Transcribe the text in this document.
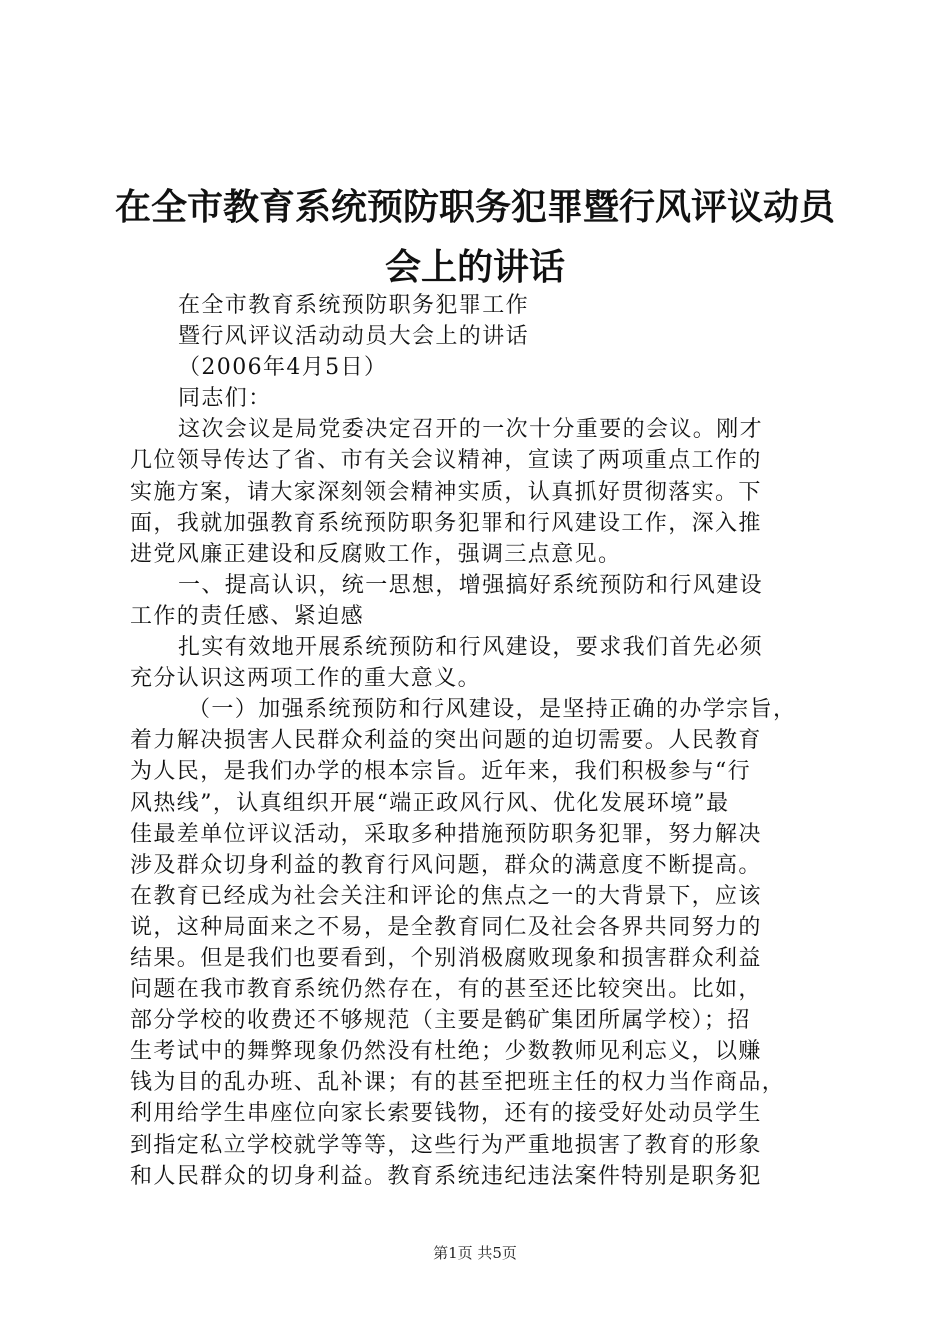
在全市教育系统预防职务犯罪暨行风评议动员
会上的讲话
在全市教育系统预防职务犯罪工作
暨行风评议活动动员大会上的讲话
（2006年4月5日）
同志们：
这次会议是局党委决定召开的一次十分重要的会议。刚才
几位领导传达了省、市有关会议精神，宣读了两项重点工作的
实施方案，请大家深刻领会精神实质，认真抓好贯彻落实。下
面，我就加强教育系统预防职务犯罪和行风建设工作，深入推
进党风廉正建设和反腐败工作，强调三点意见。
一、提高认识，统一思想，增强搞好系统预防和行风建设
工作的责任感、紧迫感
扎实有效地开展系统预防和行风建设，要求我们首先必须
充分认识这两项工作的重大意义。
（一）加强系统预防和行风建设，是坚持正确的办学宗旨，
着力解决损害人民群众利益的突出问题的迫切需要。人民教育
为人民，是我们办学的根本宗旨。近年来，我们积极参与“行
风热线”，认真组织开展“端正政风行风、优化发展环境”最
佳最差单位评议活动，采取多种措施预防职务犯罪，努力解决
涉及群众切身利益的教育行风问题，群众的满意度不断提高。
在教育已经成为社会关注和评论的焦点之一的大背景下，应该
说，这种局面来之不易，是全教育同仁及社会各界共同努力的
结果。但是我们也要看到，个别消极腐败现象和损害群众利益
问题在我市教育系统仍然存在，有的甚至还比较突出。比如，
部分学校的收费还不够规范（主要是鹤矿集团所属学校）；招
生考试中的舞弊现象仍然没有杜绝；少数教师见利忘义，以赚
钱为目的乱办班、乱补课；有的甚至把班主任的权力当作商品，
利用给学生串座位向家长索要钱物，还有的接受好处动员学生
到指定私立学校就学等等，这些行为严重地损害了教育的形象
和人民群众的切身利益。教育系统违纪违法案件特别是职务犯
第1页 共5页
